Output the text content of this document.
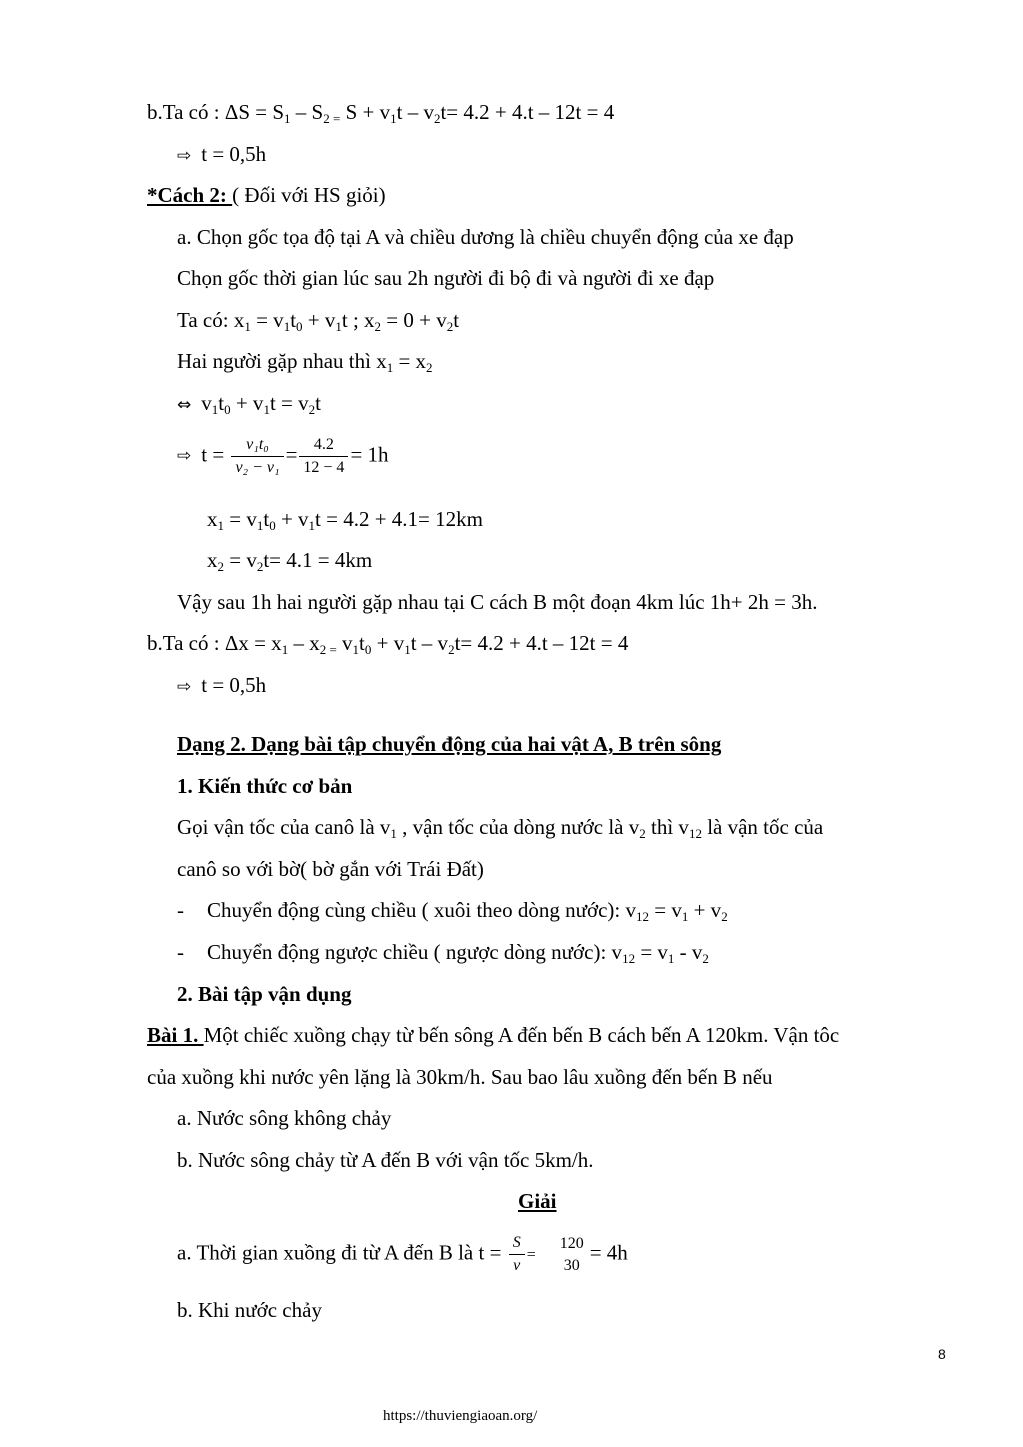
b.Ta có : $\Delta S = S_1 - S_{2 =}$ $S + v_1t - v_2t= 4.2 + 4.t - 12t = 4$
⇨ t = 0,5h
*Cách 2: ( Đối với HS giỏi)
a. Chọn gốc tọa độ tại A và chiều dương là chiều chuyển động của xe đạp
Chọn gốc thời gian lúc sau 2h người đi bộ đi và người đi xe đạp
Ta có: $x_1 = v_1t_0 + v_1t$ ; $x_2 = 0 + v_2t$
Hai người gặp nhau thì $x_1 = x_2$
⇔ $v_1t_0 + v_1t = v_2t$
⇨ $t = \frac{\text{v₁t₀}}{\text{v₂ − v₁}} = \frac{4.2}{12 - 4} = 1h$
$x_1 = v_1t_0 + v_1t = 4.2 + 4.1= 12km$
$x_2 = v_2t= 4.1 = 4km$
Vậy sau 1h hai người gặp nhau tại C cách B một đoạn 4km lúc 1h+ 2h = 3h.
b.Ta có : $\Delta x = x_1 - x_{2 =}$ $v_1t_0 + v_1t - v_2t= 4.2 + 4.t - 12t = 4$
⇨ t = 0,5h
Dạng 2. Dạng bài tập chuyển động của hai vật A, B trên sông
1. Kiến thức cơ bản
Gọi vận tốc của canô là $v_1$ , vận tốc của dòng nước là $v_2$ thì $v_{12}$ là vận tốc của
canô so với bờ( bờ gắn với Trái Đất)
- Chuyển động cùng chiều ( xuôi theo dòng nước): $v_{12} = v_1 + v_2$
- Chuyển động ngược chiều ( ngược dòng nước): $v_{12} = v_1 - v_2$
2. Bài tập vận dụng
Bài 1. Một chiếc xuồng chạy từ bến sông A đến bến B cách bến A 120km. Vận tôc
của xuồng khi nước yên lặng là 30km/h. Sau bao lâu xuồng đến bến B nếu
a. Nước sông không chảy
b. Nước sông chảy từ A đến B với vận tốc 5km/h.
Giải
a. Thời gian xuồng đi từ A đến B là $t = \frac{S}{v}$ =
120
30
= 4h
b. Khi nước chảy
8
https://thuviengiaoan.org/
